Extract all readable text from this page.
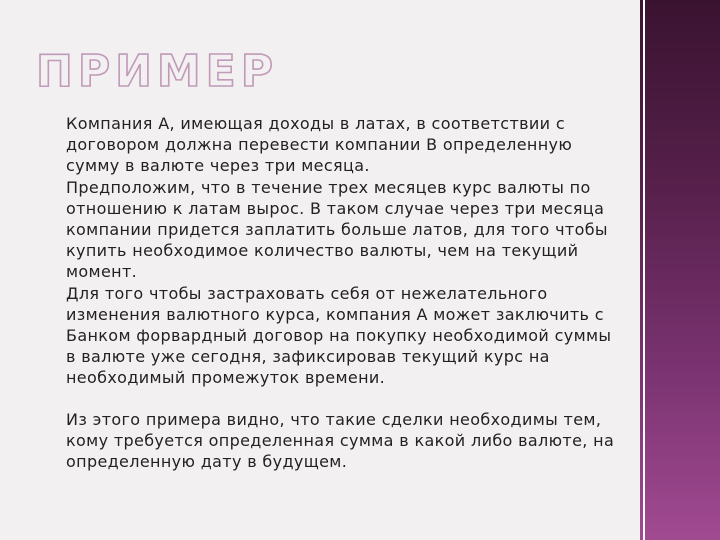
ПРИМЕР

Компания А, имеющая доходы в латах, в соответствии с договором должна перевести компании В определенную сумму в валюте через три месяца.

Предположим, что в течение трех месяцев курс валюты по отношению к латам вырос. В таком случае через три месяца компании придется заплатить больше латов, для того чтобы купить необходимое количество валюты, чем на текущий момент.

Для того чтобы застраховать себя от нежелательного изменения валютного курса, компания А может заключить с Банком форвардный договор на покупку необходимой суммы в валюте уже сегодня, зафиксировав текущий курс на необходимый промежуток времени.

Из этого примера видно, что такие сделки необходимы тем, кому требуется определенная сумма в какой либо валюте, на определенную дату в будущем.
